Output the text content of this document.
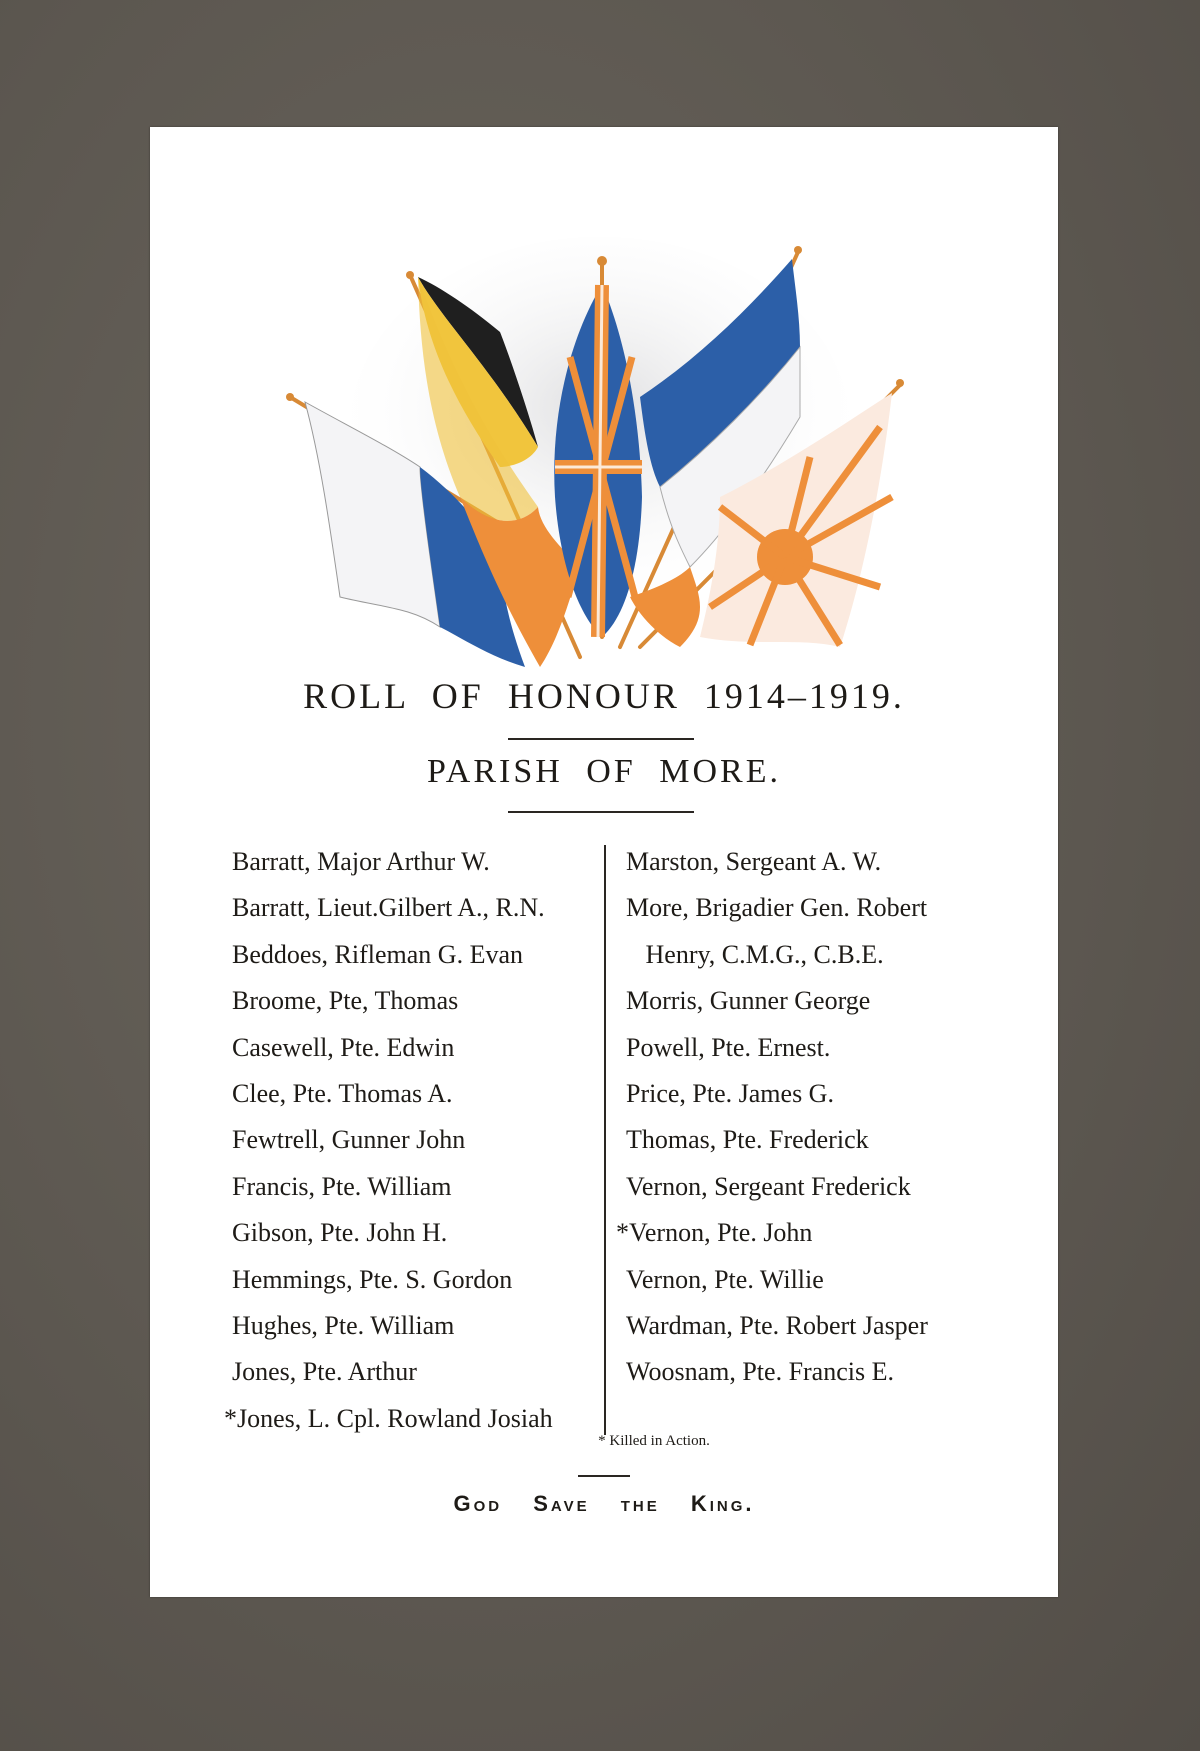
ROLL OF HONOUR 1914–1919.
PARISH OF MORE.
Barratt, Major Arthur W.
Barratt, Lieut.Gilbert A., R.N.
Beddoes, Rifleman G. Evan
Broome, Pte, Thomas
Casewell, Pte. Edwin
Clee, Pte. Thomas A.
Fewtrell, Gunner John
Francis, Pte. William
Gibson, Pte. John H.
Hemmings, Pte. S. Gordon
Hughes, Pte. William
Jones, Pte. Arthur
*Jones, L. Cpl. Rowland Josiah
Marston, Sergeant A. W.
More, Brigadier Gen. Robert
Henry, C.M.G., C.B.E.
Morris, Gunner George
Powell, Pte. Ernest.
Price, Pte. James G.
Thomas, Pte. Frederick
Vernon, Sergeant Frederick
*Vernon, Pte. John
Vernon, Pte. Willie
Wardman, Pte. Robert Jasper
Woosnam, Pte. Francis E.
* Killed in Action.
God Save the King.
